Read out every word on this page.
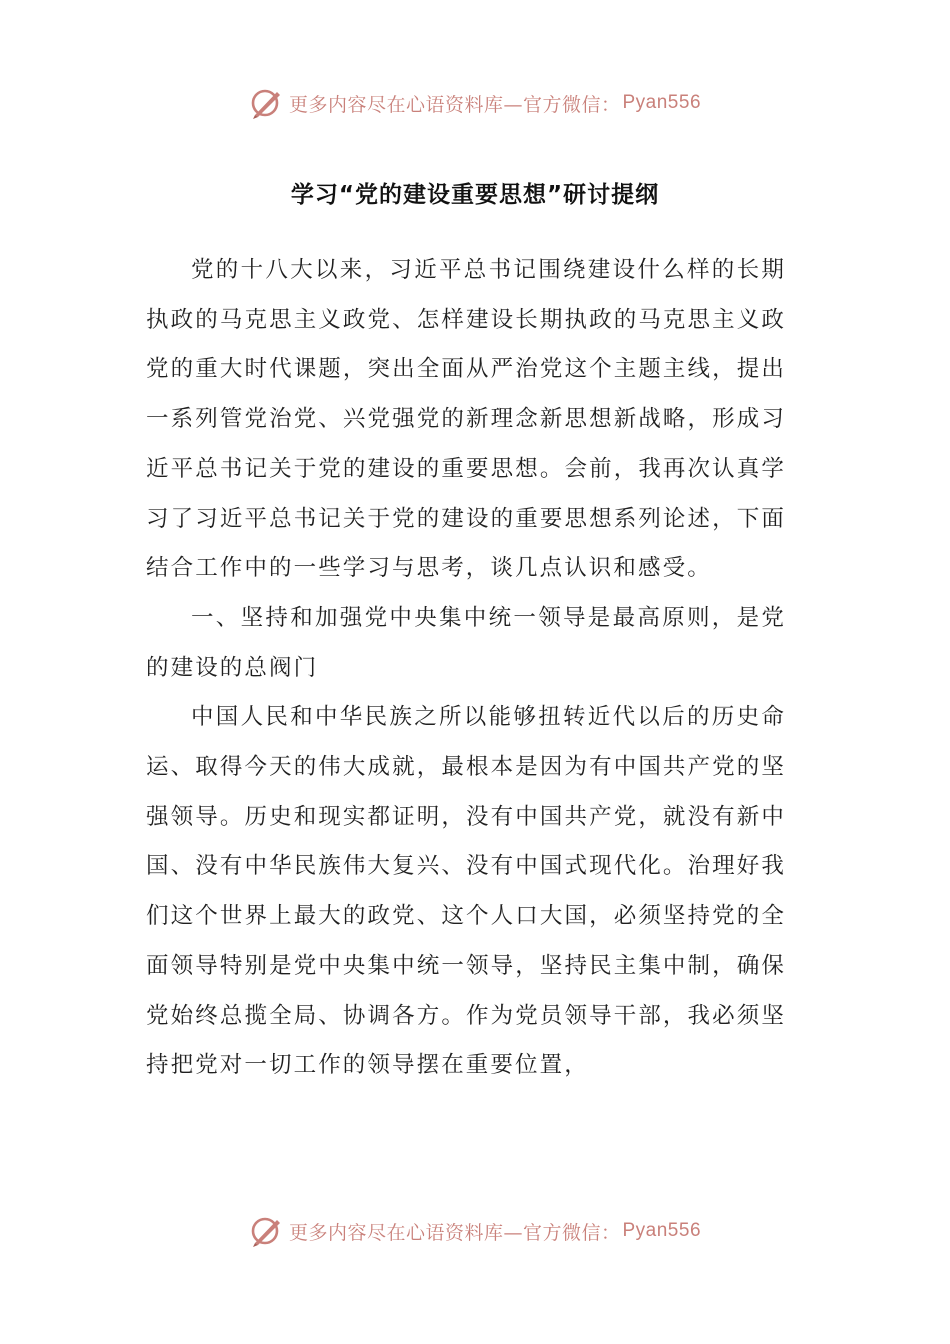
更多内容尽在心语资料库—官方微信： Pyan556
学习“党的建设重要思想”研讨提纲

党的十八大以来，习近平总书记围绕建设什么样的长期执政的马克思主义政党、怎样建设长期执政的马克思主义政党的重大时代课题，突出全面从严治党这个主题主线，提出一系列管党治党、兴党强党的新理念新思想新战略，形成习近平总书记关于党的建设的重要思想。会前，我再次认真学习了习近平总书记关于党的建设的重要思想系列论述，下面结合工作中的一些学习与思考，谈几点认识和感受。

一、坚持和加强党中央集中统一领导是最高原则，是党的建设的总阀门

中国人民和中华民族之所以能够扭转近代以后的历史命运、取得今天的伟大成就，最根本是因为有中国共产党的坚强领导。历史和现实都证明，没有中国共产党，就没有新中国、没有中华民族伟大复兴、没有中国式现代化。治理好我们这个世界上最大的政党、这个人口大国，必须坚持党的全面领导特别是党中央集中统一领导，坚持民主集中制，确保党始终总揽全局、协调各方。作为党员领导干部，我必须坚持把党对一切工作的领导摆在重要位置，

更多内容尽在心语资料库—官方微信： Pyan556
